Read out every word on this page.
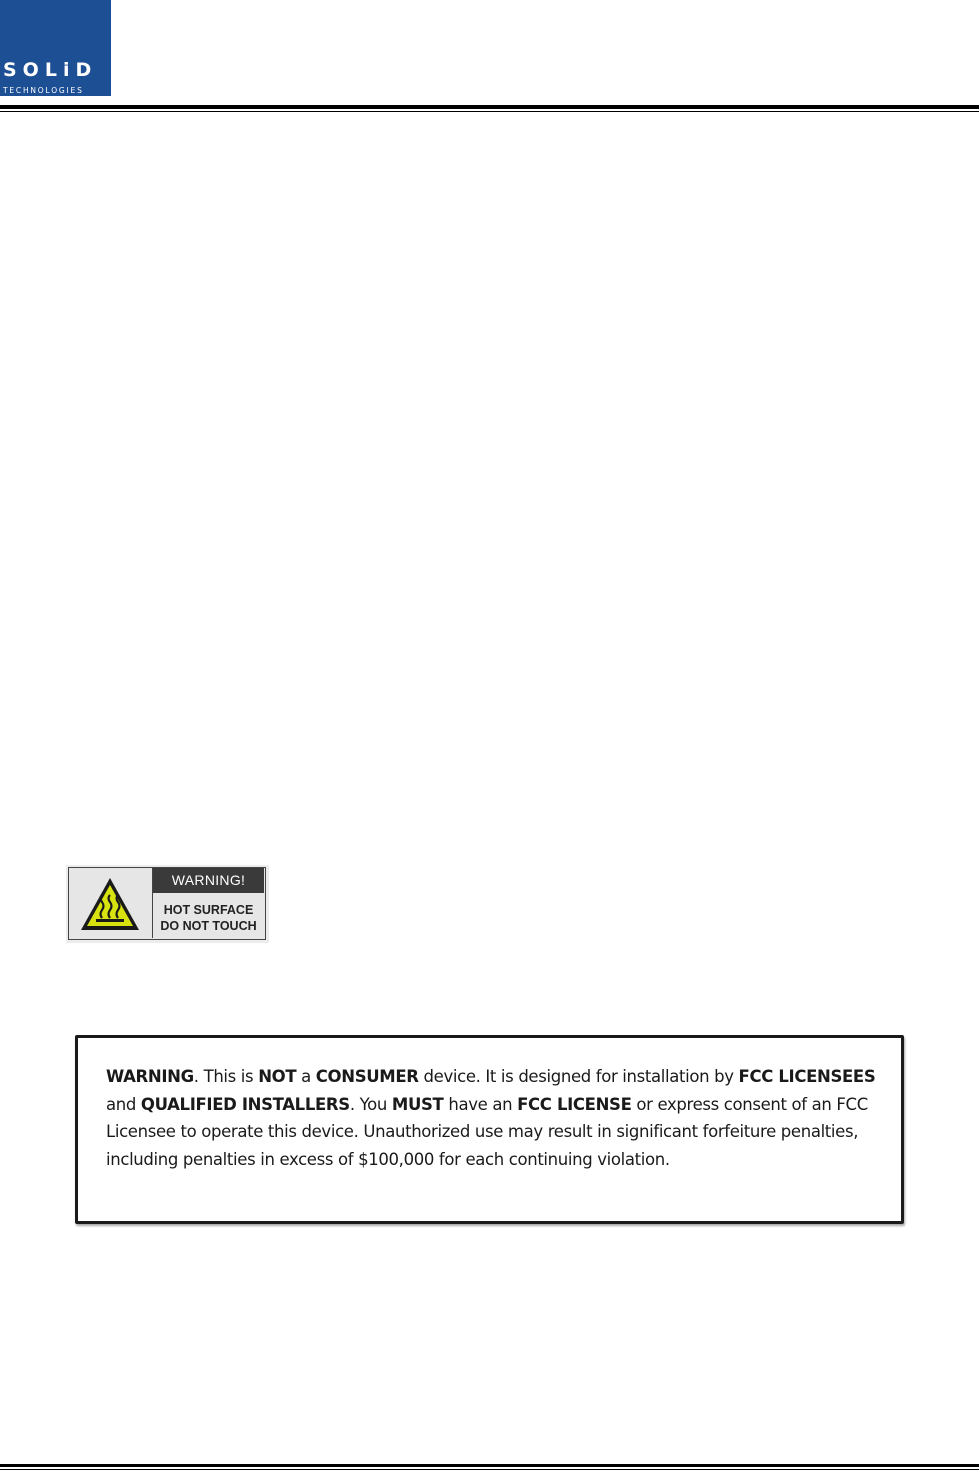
SOLiD
TECHNOLOGIES
WARNING!
HOT SURFACE
DO NOT TOUCH
WARNING. This is NOT a CONSUMER device. It is designed for installation by FCC LICENSEES and QUALIFIED INSTALLERS. You MUST have an FCC LICENSE or express consent of an FCC Licensee to operate this device. Unauthorized use may result in significant forfeiture penalties, including penalties in excess of $100,000 for each continuing violation.
